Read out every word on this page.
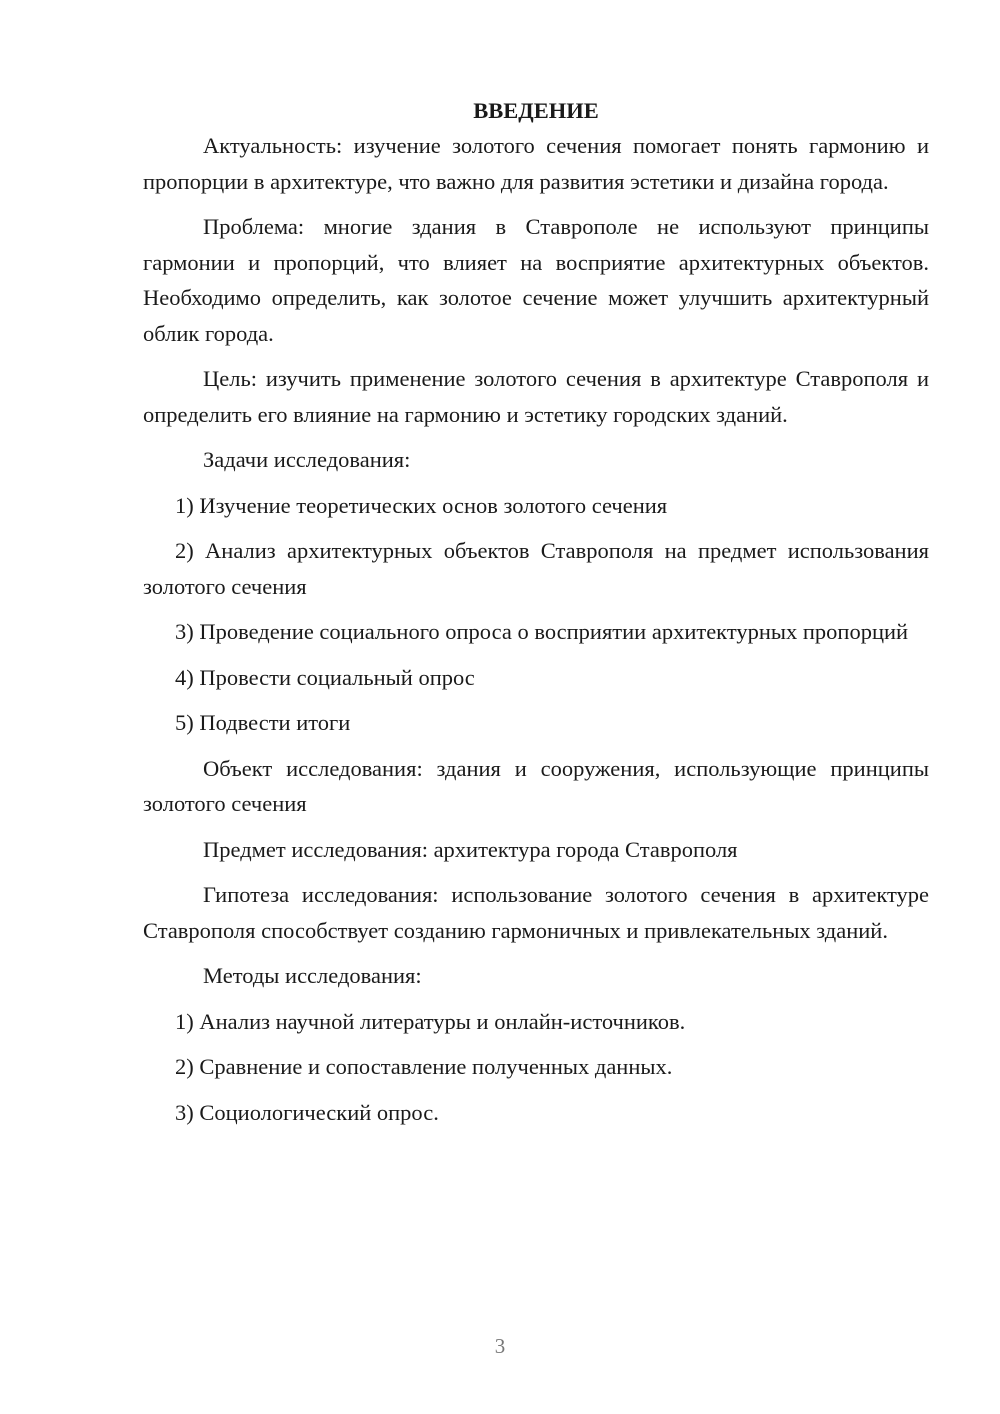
ВВЕДЕНИЕ

Актуальность: изучение золотого сечения помогает понять гармонию и пропорции в архитектуре, что важно для развития эстетики и дизайна города.

Проблема: многие здания в Ставрополе не используют принципы гармонии и пропорций, что влияет на восприятие архитектурных объектов. Необходимо определить, как золотое сечение может улучшить архитектурный облик города.

Цель: изучить применение золотого сечения в архитектуре Ставрополя и определить его влияние на гармонию и эстетику городских зданий.

Задачи исследования:

1) Изучение теоретических основ золотого сечения

2) Анализ архитектурных объектов Ставрополя на предмет использования золотого сечения

3) Проведение социального опроса о восприятии архитектурных пропорций

4) Провести социальный опрос

5) Подвести итоги

Объект исследования: здания и сооружения, использующие принципы золотого сечения

Предмет исследования: архитектура города Ставрополя

Гипотеза исследования: использование золотого сечения в архитектуре Ставрополя способствует созданию гармоничных и привлекательных зданий.

Методы исследования:

1) Анализ научной литературы и онлайн-источников.

2) Сравнение и сопоставление полученных данных.

3) Социологический опрос.

3
